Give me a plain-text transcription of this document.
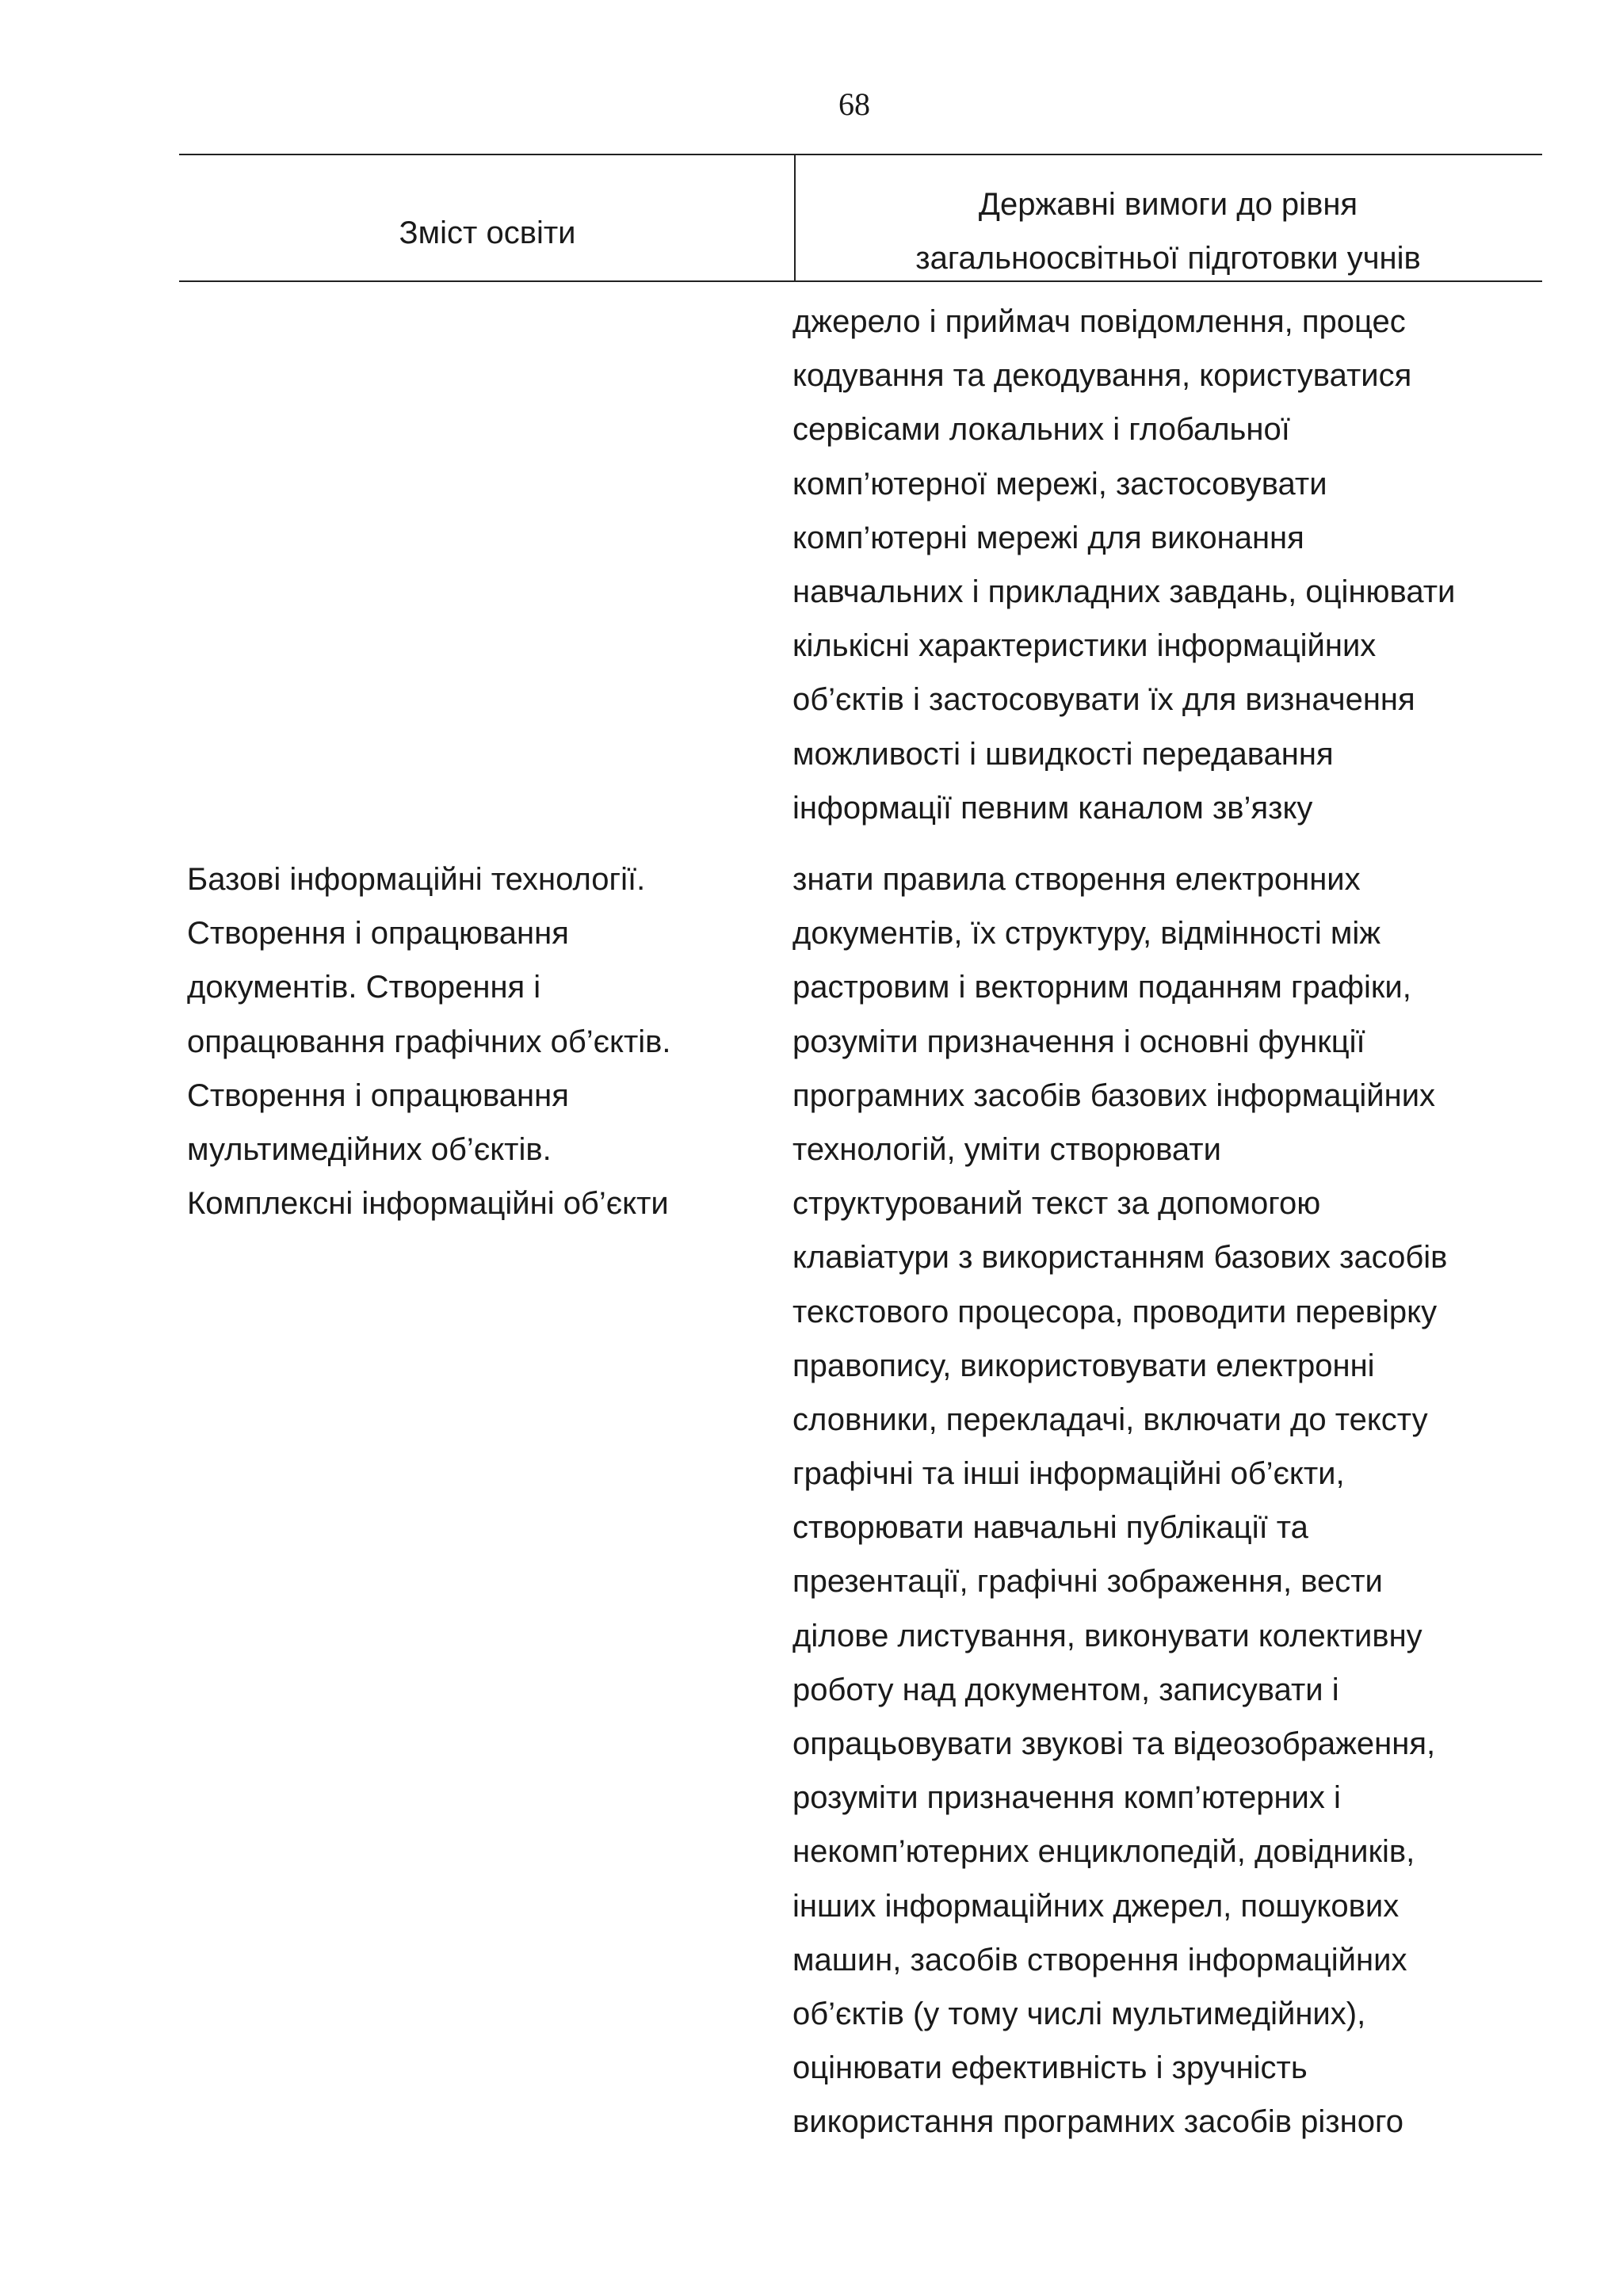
68
Зміст освіти
Державні вимоги до рівня
загальноосвітньої підготовки учнів
джерело і приймач повідомлення, процес
кодування та декодування, користуватися
сервісами локальних і глобальної
комп’ютерної мережі, застосовувати
комп’ютерні мережі для виконання
навчальних і прикладних завдань, оцінювати
кількісні характеристики інформаційних
об’єктів і застосовувати їх для визначення
можливості і швидкості передавання
інформації певним каналом зв’язку
Базові інформаційні технології.
Створення і опрацювання
документів. Створення і
опрацювання графічних об’єктів.
Створення і опрацювання
мультимедійних об’єктів.
Комплексні інформаційні об’єкти
знати правила створення електронних
документів, їх структуру, відмінності між
растровим і векторним поданням графіки,
розуміти призначення і основні функції
програмних засобів базових інформаційних
технологій, уміти створювати
структурований текст за допомогою
клавіатури з використанням базових засобів
текстового процесора, проводити перевірку
правопису, використовувати електронні
словники, перекладачі, включати до тексту
графічні та інші інформаційні об’єкти,
створювати навчальні публікації та
презентації, графічні зображення, вести
ділове листування, виконувати колективну
роботу над документом, записувати і
опрацьовувати звукові та відеозображення,
розуміти призначення комп’ютерних і
некомп’ютерних енциклопедій, довідників,
інших інформаційних джерел, пошукових
машин, засобів створення інформаційних
об’єктів (у тому числі мультимедійних),
оцінювати ефективність і зручність
використання програмних засобів різного
